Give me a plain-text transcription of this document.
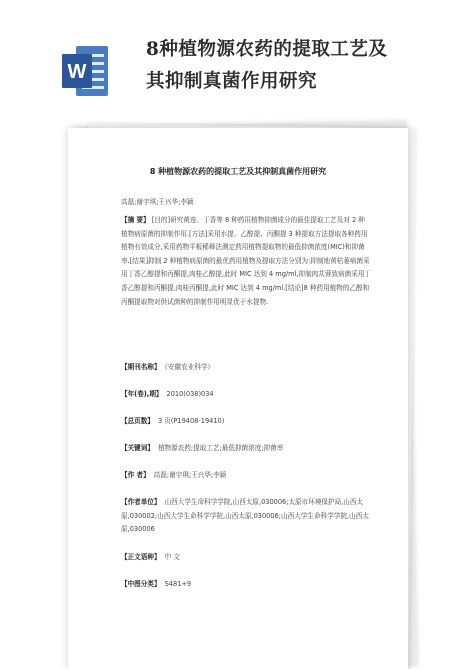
W
8种植物源农药的提取工艺及
其抑制真菌作用研究
8 种植物源农药的提取工艺及其抑制真菌作用研究
高磊;谢宇琪;王兴华;李颖
【摘 要】 [目的]研究黄连、丁香等 8 种药用植物抑菌成分的最佳提取工艺及对 2 种植物病原菌的抑制作用.[方法]采用水提、乙醇提、丙酮提 3 种提取方法提取各种药用植物有效成分,采用药物平板稀释法测定药用植物提取物的最低抑菌浓度(MIC)和抑菌率.[结果]抑制 2 种植物病原菌的最优药用植物及提取方法分别为:抑制地黄枯萎病菌采用丁香乙醇提和丙酮提,肉桂乙醇提,此时 MIC 达到 4 mg/ml,抑制肉苁蓉致病菌采用丁香乙醇提和丙酮提,肉桂丙酮提,此时 MIC 达到 4 mg/ml.[结论]8 种药用植物的乙醇和丙酮提取物对供试菌种的抑制作用明显优于水提物.
【期刊名称】 《安徽农业科学》
【年(卷),期】 2010(038)034
【总页数】 3 页(P19408-19410)
【关键词】 植物源农药;提取工艺;最低抑菌浓度;抑菌率
【作 者】 高磊;谢宇琪;王兴华;李颖
【作者单位】 山西大学生命科学学院,山西太原,030006;太原市环境保护局,山西太原,030002;山西大学生命科学学院,山西太原,030006;山西大学生命科学学院,山西太原,030006
【正文语种】 中 文
【中图分类】 S481+9
